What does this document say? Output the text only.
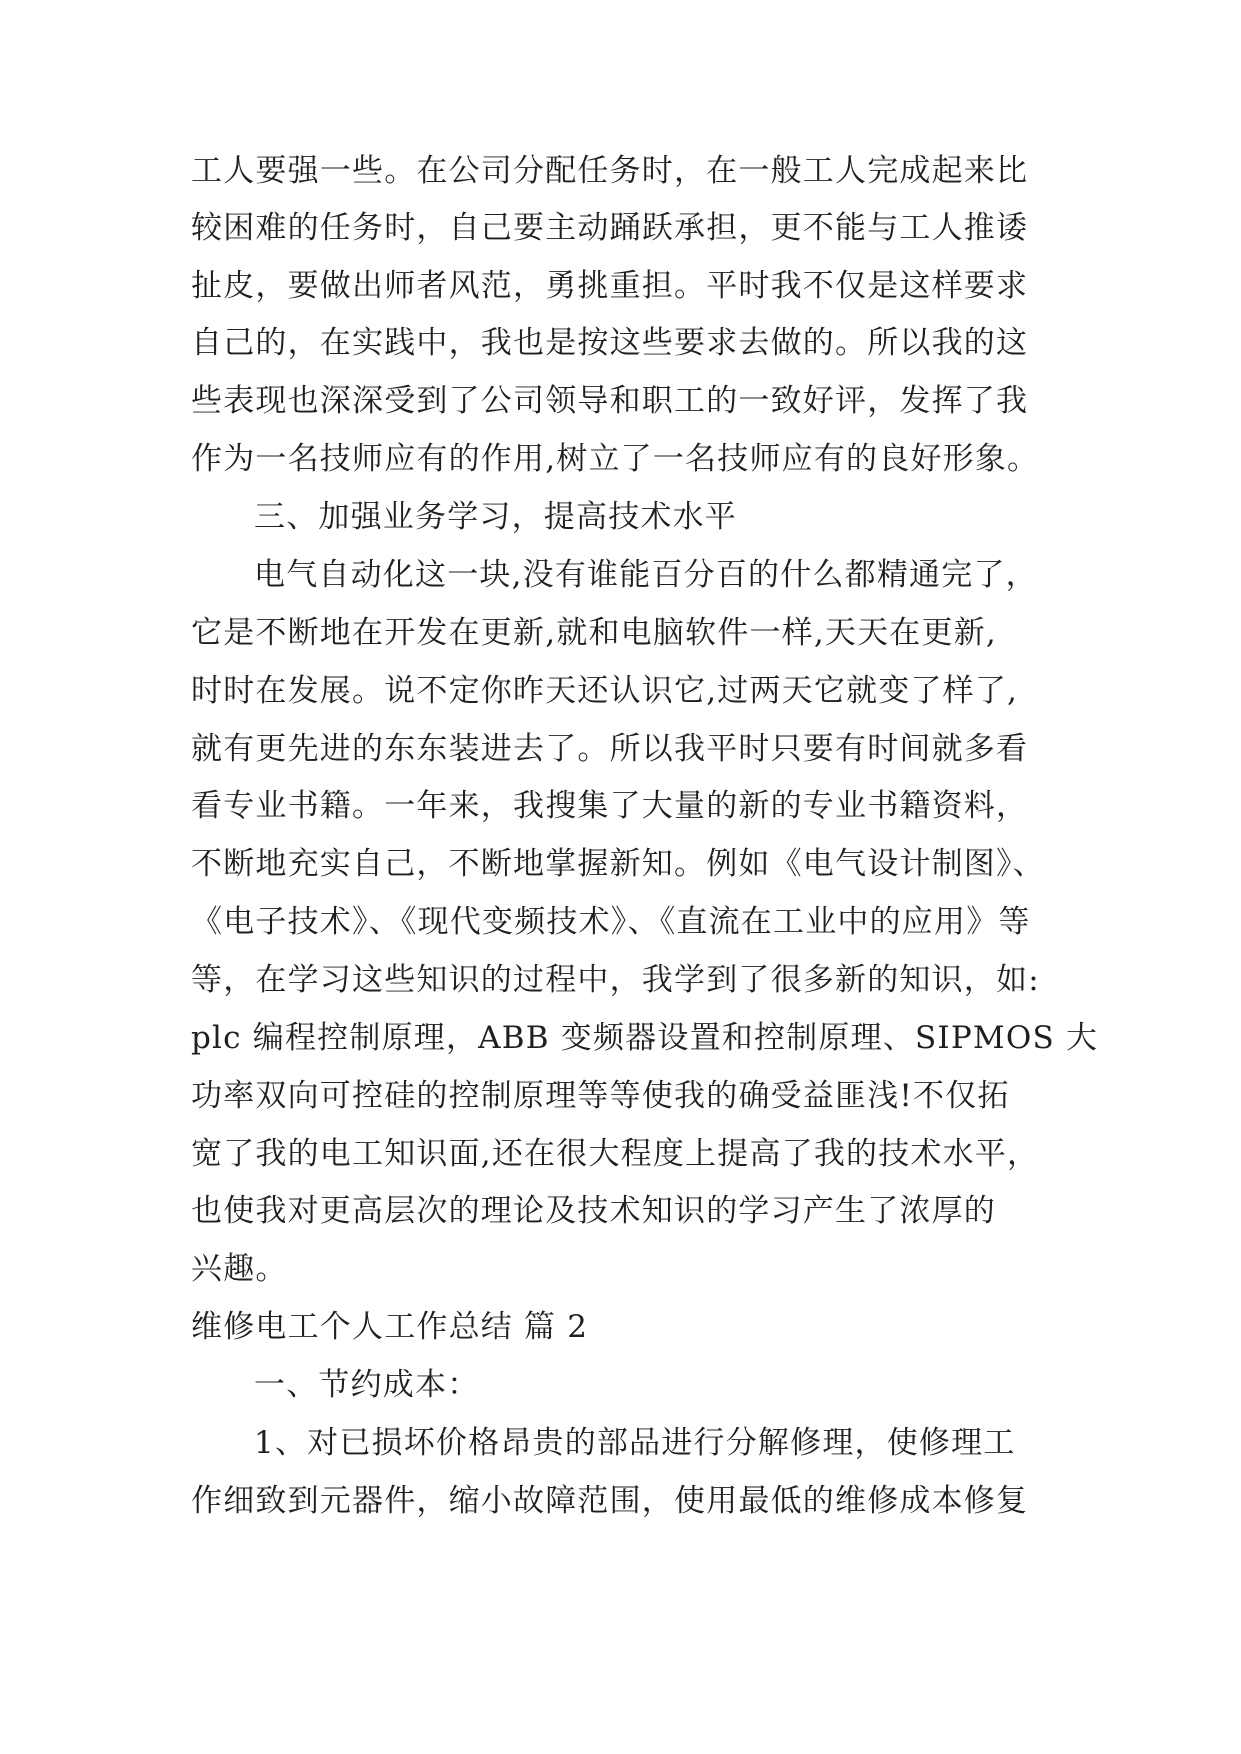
工人要强一些。在公司分配任务时，在一般工人完成起来比
较困难的任务时，自己要主动踊跃承担，更不能与工人推诿
扯皮，要做出师者风范，勇挑重担。平时我不仅是这样要求
自己的，在实践中，我也是按这些要求去做的。所以我的这
些表现也深深受到了公司领导和职工的一致好评，发挥了我
作为一名技师应有的作用,树立了一名技师应有的良好形象。
三、加强业务学习，提高技术水平
电气自动化这一块,没有谁能百分百的什么都精通完了，
它是不断地在开发在更新,就和电脑软件一样,天天在更新,
时时在发展。说不定你昨天还认识它,过两天它就变了样了,
就有更先进的东东装进去了。所以我平时只要有时间就多看
看专业书籍。一年来，我搜集了大量的新的专业书籍资料，
不断地充实自己，不断地掌握新知。例如《电气设计制图》、
《电子技术》、《现代变频技术》、《直流在工业中的应用》等
等，在学习这些知识的过程中，我学到了很多新的知识，如:
plc 编程控制原理，ABB 变频器设置和控制原理、SIPMOS 大
功率双向可控硅的控制原理等等使我的确受益匪浅!不仅拓
宽了我的电工知识面,还在很大程度上提高了我的技术水平，
也使我对更高层次的理论及技术知识的学习产生了浓厚的
兴趣。
维修电工个人工作总结 篇 2
一、节约成本：
1、对已损坏价格昂贵的部品进行分解修理，使修理工
作细致到元器件，缩小故障范围，使用最低的维修成本修复
